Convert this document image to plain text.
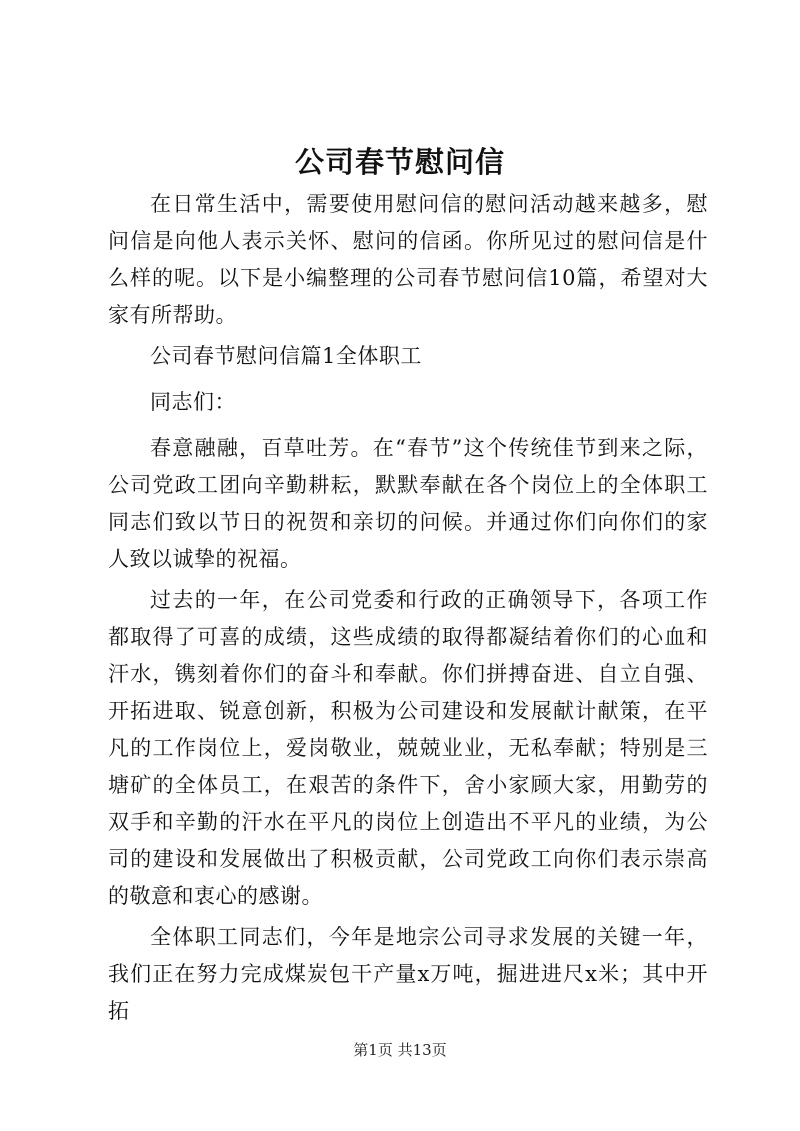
公司春节慰问信

在日常生活中，需要使用慰问信的慰问活动越来越多，慰问信是向他人表示关怀、慰问的信函。你所见过的慰问信是什么样的呢。以下是小编整理的公司春节慰问信10篇，希望对大家有所帮助。

公司春节慰问信篇1全体职工

同志们：

春意融融，百草吐芳。在“春节”这个传统佳节到来之际，公司党政工团向辛勤耕耘，默默奉献在各个岗位上的全体职工同志们致以节日的祝贺和亲切的问候。并通过你们向你们的家人致以诚挚的祝福。

过去的一年，在公司党委和行政的正确领导下，各项工作都取得了可喜的成绩，这些成绩的取得都凝结着你们的心血和汗水，镌刻着你们的奋斗和奉献。你们拼搏奋进、自立自强、开拓进取、锐意创新，积极为公司建设和发展献计献策，在平凡的工作岗位上，爱岗敬业，兢兢业业，无私奉献；特别是三塘矿的全体员工，在艰苦的条件下，舍小家顾大家，用勤劳的双手和辛勤的汗水在平凡的岗位上创造出不平凡的业绩，为公司的建设和发展做出了积极贡献，公司党政工向你们表示崇高的敬意和衷心的感谢。

全体职工同志们，今年是地宗公司寻求发展的关键一年，我们正在努力完成煤炭包干产量x万吨，掘进进尺x米；其中开拓

第1页 共13页
